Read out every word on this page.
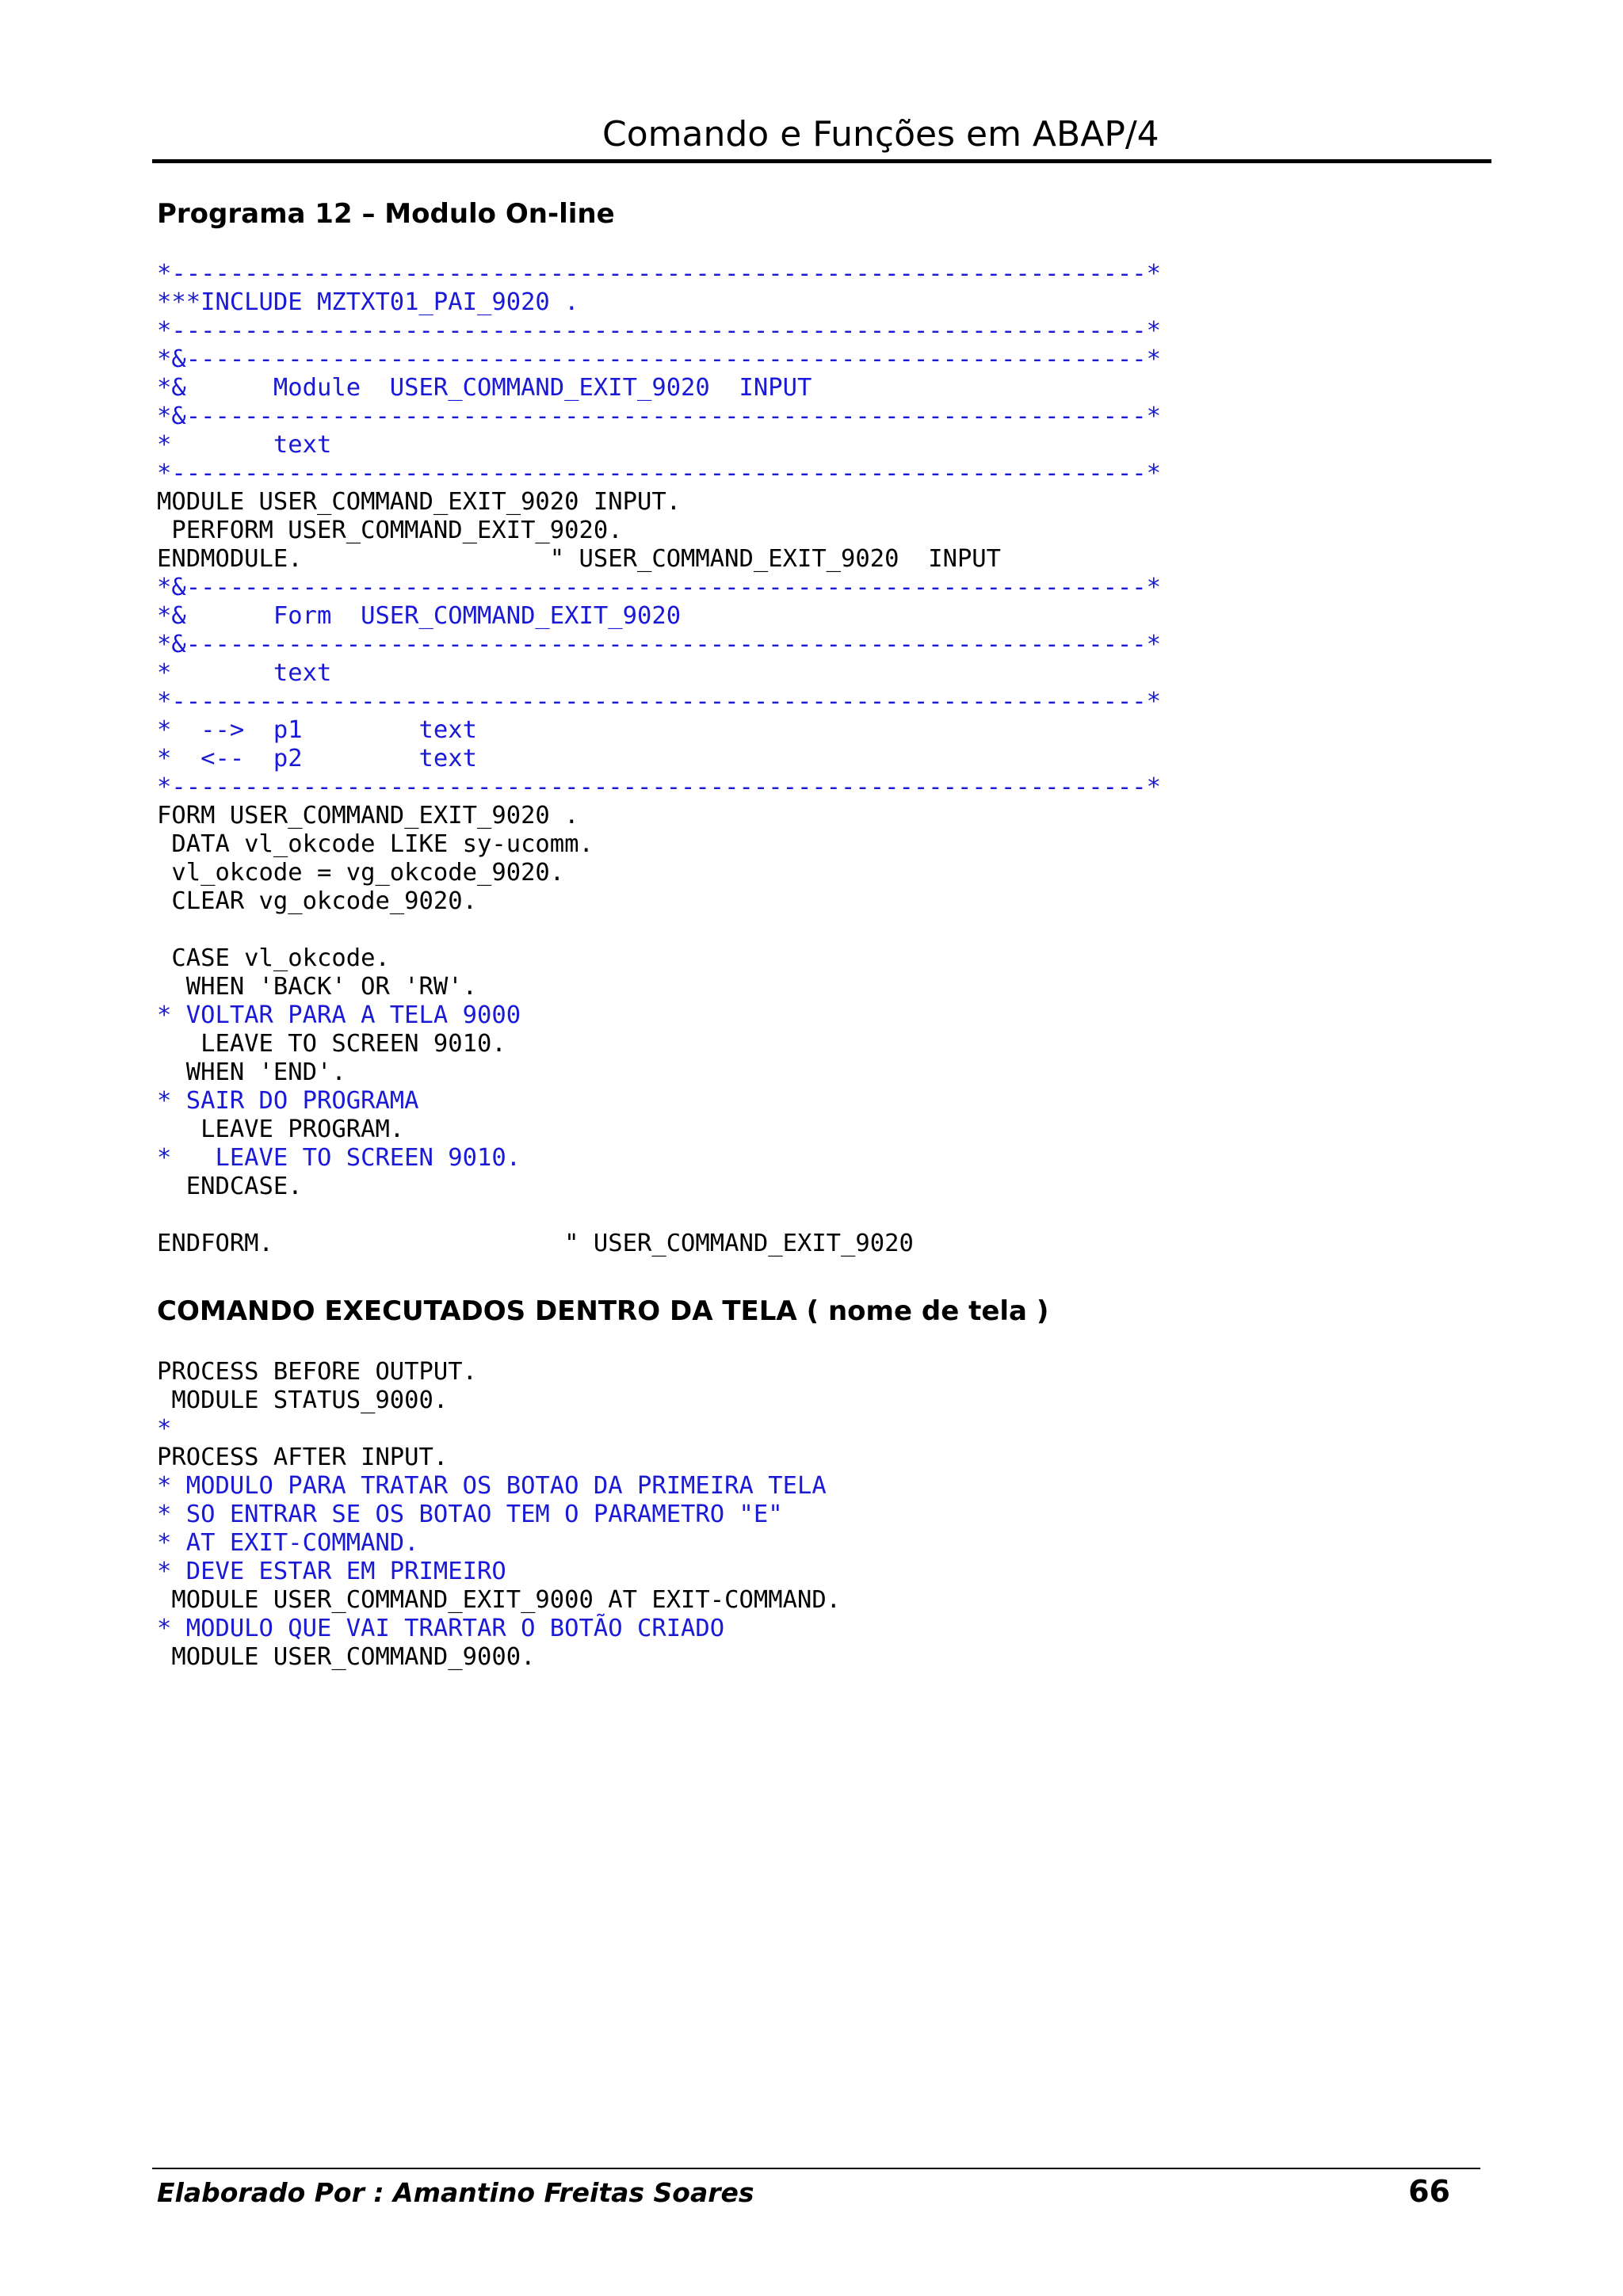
Comando e Funções em ABAP/4
Programa 12 – Modulo On-line
*-------------------------------------------------------------------*
***INCLUDE MZTXT01_PAI_9020 .
*-------------------------------------------------------------------*
*&------------------------------------------------------------------*
*&      Module  USER_COMMAND_EXIT_9020  INPUT
*&------------------------------------------------------------------*
*       text
*-------------------------------------------------------------------*
MODULE USER_COMMAND_EXIT_9020 INPUT.
PERFORM USER_COMMAND_EXIT_9020.
ENDMODULE.                 " USER_COMMAND_EXIT_9020  INPUT
*&------------------------------------------------------------------*
*&      Form  USER_COMMAND_EXIT_9020
*&------------------------------------------------------------------*
*       text
*-------------------------------------------------------------------*
*  -->  p1        text
*  <--  p2        text
*-------------------------------------------------------------------*
FORM USER_COMMAND_EXIT_9020 .
DATA vl_okcode LIKE sy-ucomm.
vl_okcode = vg_okcode_9020.
CLEAR vg_okcode_9020.
CASE vl_okcode.
WHEN 'BACK' OR 'RW'.
* VOLTAR PARA A TELA 9000
LEAVE TO SCREEN 9010.
WHEN 'END'.
* SAIR DO PROGRAMA
LEAVE PROGRAM.
*   LEAVE TO SCREEN 9010.
ENDCASE.
ENDFORM.                    " USER_COMMAND_EXIT_9020
COMANDO EXECUTADOS DENTRO DA TELA ( nome de tela )
PROCESS BEFORE OUTPUT.
MODULE STATUS_9000.
*
PROCESS AFTER INPUT.
* MODULO PARA TRATAR OS BOTAO DA PRIMEIRA TELA
* SO ENTRAR SE OS BOTAO TEM O PARAMETRO "E"
* AT EXIT-COMMAND.
* DEVE ESTAR EM PRIMEIRO
MODULE USER_COMMAND_EXIT_9000 AT EXIT-COMMAND.
* MODULO QUE VAI TRARTAR O BOTÃO CRIADO
MODULE USER_COMMAND_9000.
Elaborado Por : Amantino Freitas Soares	66
